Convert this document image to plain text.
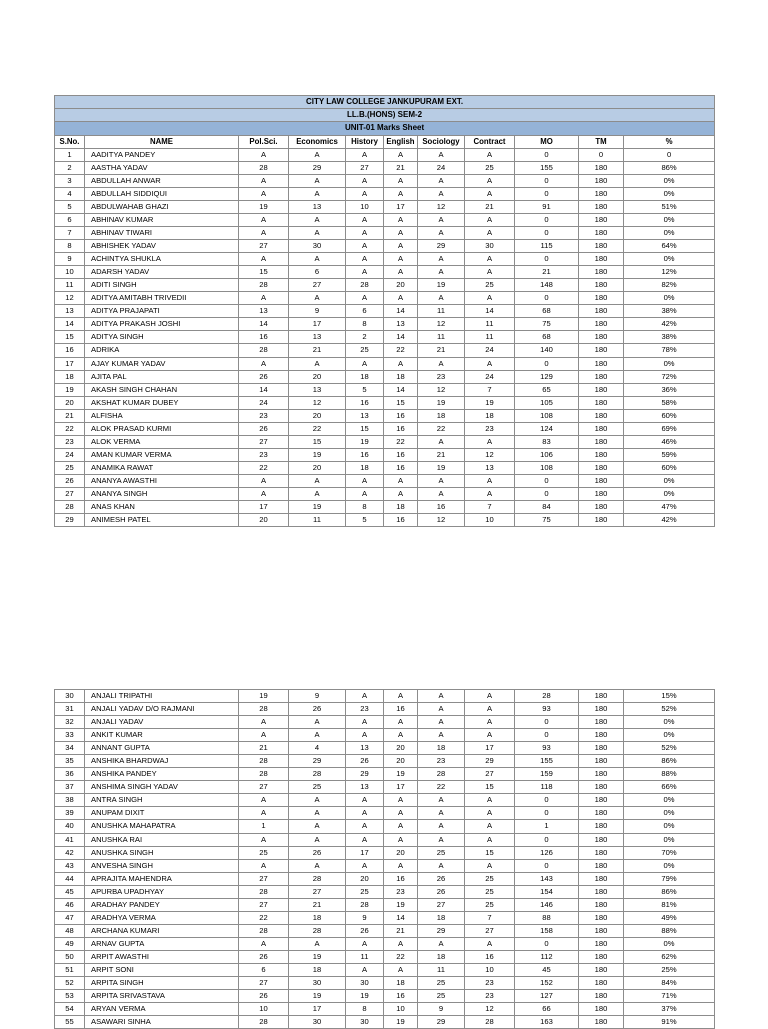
CITY LAW COLLEGE JANKUPURAM EXT.										
LL.B.(HONS) SEM-2										
UNIT-01 Marks Sheet										
S.No.	NAME	Pol.Sci.	Economics	History	English	Sociology	Contract	MO	TM	%
1	AADITYA PANDEY	A	A	A	A	A	A	0	0	0
2	AASTHA YADAV	28	29	27	21	24	25	155	180	86%
3	ABDULLAH ANWAR	A	A	A	A	A	A	0	180	0%
4	ABDULLAH SIDDIQUI	A	A	A	A	A	A	0	180	0%
5	ABDULWAHAB GHAZI	19	13	10	17	12	21	91	180	51%
6	ABHINAV KUMAR	A	A	A	A	A	A	0	180	0%
7	ABHINAV TIWARI	A	A	A	A	A	A	0	180	0%
8	ABHISHEK YADAV	27	30	A	A	29	30	115	180	64%
9	ACHINTYA SHUKLA	A	A	A	A	A	A	0	180	0%
10	ADARSH YADAV	15	6	A	A	A	A	21	180	12%
11	ADITI SINGH	28	27	28	20	19	25	148	180	82%
12	ADITYA AMITABH TRIVEDII	A	A	A	A	A	A	0	180	0%
13	ADITYA PRAJAPATI	13	9	6	14	11	14	68	180	38%
14	ADITYA PRAKASH JOSHI	14	17	8	13	12	11	75	180	42%
15	ADITYA SINGH	16	13	2	14	11	11	68	180	38%
16	ADRIKA	28	21	25	22	21	24	140	180	78%
17	AJAY KUMAR YADAV	A	A	A	A	A	A	0	180	0%
18	AJITA PAL	26	20	18	18	23	24	129	180	72%
19	AKASH SINGH CHAHAN	14	13	5	14	12	7	65	180	36%
20	AKSHAT KUMAR DUBEY	24	12	16	15	19	19	105	180	58%
21	ALFISHA	23	20	13	16	18	18	108	180	60%
22	ALOK PRASAD KURMI	26	22	15	16	22	23	124	180	69%
23	ALOK VERMA	27	15	19	22	A	A	83	180	46%
24	AMAN KUMAR VERMA	23	19	16	16	21	12	106	180	59%
25	ANAMIKA RAWAT	22	20	18	16	19	13	108	180	60%
26	ANANYA AWASTHI	A	A	A	A	A	A	0	180	0%
27	ANANYA SINGH	A	A	A	A	A	A	0	180	0%
28	ANAS KHAN	17	19	8	18	16	7	84	180	47%
29	ANIMESH PATEL	20	11	5	16	12	10	75	180	42%
30	ANJALI TRIPATHI	19	9	A	A	A	A	28	180	15%
31	ANJALI YADAV D/O RAJMANI	28	26	23	16	A	A	93	180	52%
32	ANJALI YADAV	A	A	A	A	A	A	0	180	0%
33	ANKIT KUMAR	A	A	A	A	A	A	0	180	0%
34	ANNANT GUPTA	21	4	13	20	18	17	93	180	52%
35	ANSHIKA BHARDWAJ	28	29	26	20	23	29	155	180	86%
36	ANSHIKA PANDEY	28	28	29	19	28	27	159	180	88%
37	ANSHIMA SINGH YADAV	27	25	13	17	22	15	118	180	66%
38	ANTRA SINGH	A	A	A	A	A	A	0	180	0%
39	ANUPAM DIXIT	A	A	A	A	A	A	0	180	0%
40	ANUSHKA MAHAPATRA	1	A	A	A	A	A	1	180	0%
41	ANUSHKA RAI	A	A	A	A	A	A	0	180	0%
42	ANUSHKA SINGH	25	26	17	20	25	15	126	180	70%
43	ANVESHA SINGH	A	A	A	A	A	A	0	180	0%
44	APRAJITA MAHENDRA	27	28	20	16	26	25	143	180	79%
45	APURBA UPADHYAY	28	27	25	23	26	25	154	180	86%
46	ARADHAY PANDEY	27	21	28	19	27	25	146	180	81%
47	ARADHYA VERMA	22	18	9	14	18	7	88	180	49%
48	ARCHANA KUMARI	28	28	26	21	29	27	158	180	88%
49	ARNAV GUPTA	A	A	A	A	A	A	0	180	0%
50	ARPIT AWASTHI	26	19	11	22	18	16	112	180	62%
51	ARPIT SONI	6	18	A	A	11	10	45	180	25%
52	ARPITA SINGH	27	30	30	18	25	23	152	180	84%
53	ARPITA SRIVASTAVA	26	19	19	16	25	23	127	180	71%
54	ARYAN VERMA	10	17	8	10	9	12	66	180	37%
55	ASAWARI SINHA	28	30	30	19	29	28	163	180	91%
